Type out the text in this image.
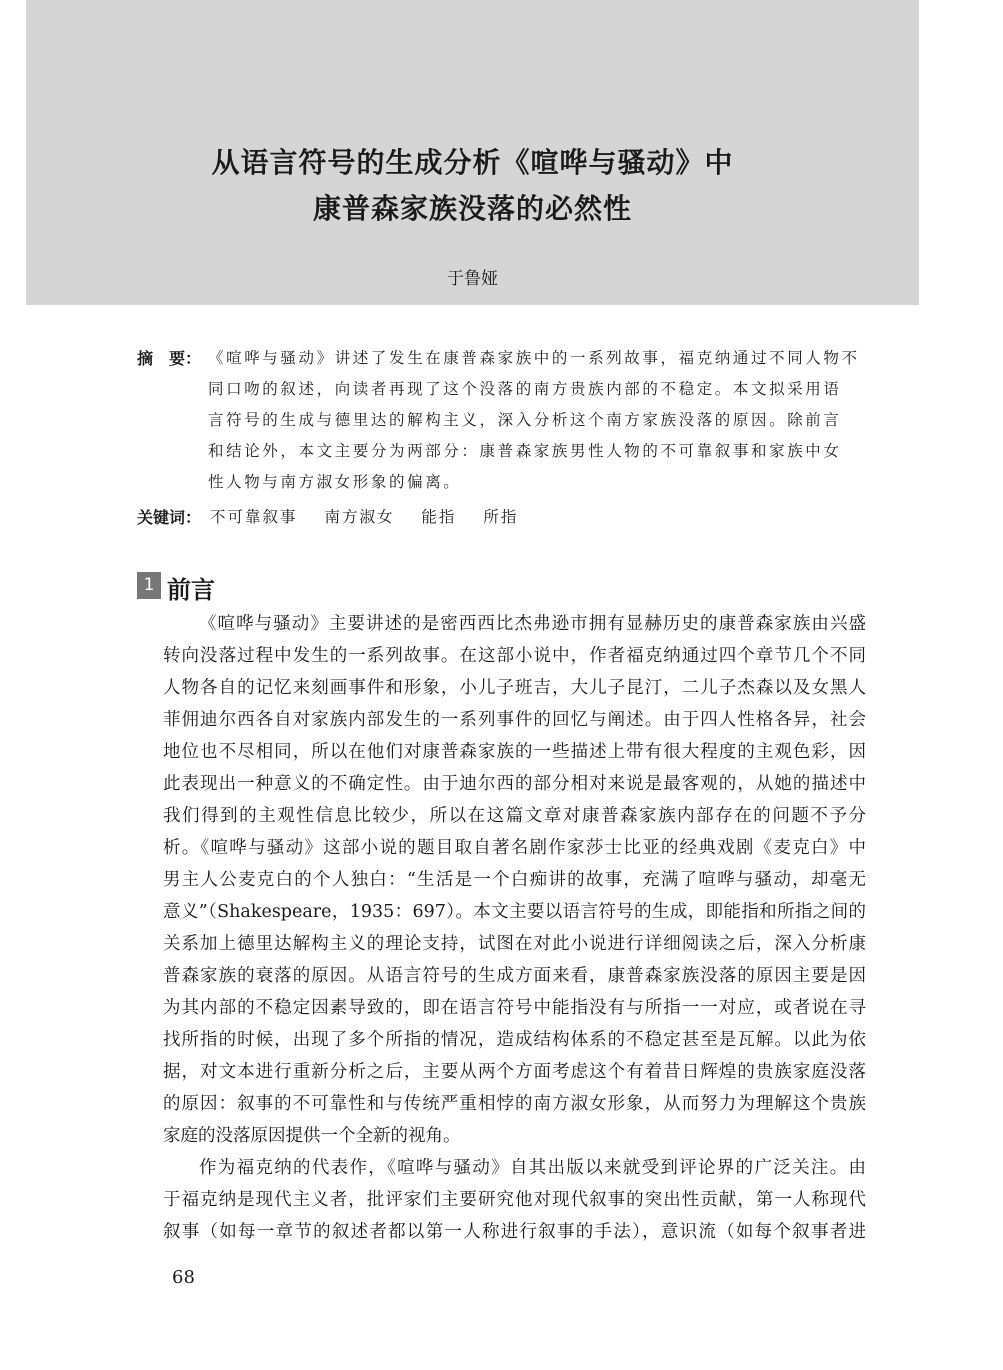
从语言符号的生成分析《喧哗与骚动》中
康普森家族没落的必然性
于鲁娅
摘　要： 《喧哗与骚动》讲述了发生在康普森家族中的一系列故事，福克纳通过不同人物不
同口吻的叙述，向读者再现了这个没落的南方贵族内部的不稳定。本文拟采用语
言符号的生成与德里达的解构主义，深入分析这个南方家族没落的原因。除前言
和结论外，本文主要分为两部分：康普森家族男性人物的不可靠叙事和家族中女
性人物与南方淑女形象的偏离。
关键词： 不可靠叙事 南方淑女 能指 所指
1 前言
《喧哗与骚动》主要讲述的是密西西比杰弗逊市拥有显赫历史的康普森家族由兴盛
转向没落过程中发生的一系列故事。在这部小说中，作者福克纳通过四个章节几个不同
人物各自的记忆来刻画事件和形象，小儿子班吉，大儿子昆汀，二儿子杰森以及女黑人
菲佣迪尔西各自对家族内部发生的一系列事件的回忆与阐述。由于四人性格各异，社会
地位也不尽相同，所以在他们对康普森家族的一些描述上带有很大程度的主观色彩，因
此表现出一种意义的不确定性。由于迪尔西的部分相对来说是最客观的，从她的描述中
我们得到的主观性信息比较少，所以在这篇文章对康普森家族内部存在的问题不予分
析。《喧哗与骚动》这部小说的题目取自著名剧作家莎士比亚的经典戏剧《麦克白》中
男主人公麦克白的个人独白：“生活是一个白痴讲的故事，充满了喧哗与骚动，却毫无
意义”（Shakespeare，1935：697）。本文主要以语言符号的生成，即能指和所指之间的
关系加上德里达解构主义的理论支持，试图在对此小说进行详细阅读之后，深入分析康
普森家族的衰落的原因。从语言符号的生成方面来看，康普森家族没落的原因主要是因
为其内部的不稳定因素导致的，即在语言符号中能指没有与所指一一对应，或者说在寻
找所指的时候，出现了多个所指的情况，造成结构体系的不稳定甚至是瓦解。以此为依
据，对文本进行重新分析之后，主要从两个方面考虑这个有着昔日辉煌的贵族家庭没落
的原因：叙事的不可靠性和与传统严重相悖的南方淑女形象，从而努力为理解这个贵族
家庭的没落原因提供一个全新的视角。
作为福克纳的代表作，《喧哗与骚动》自其出版以来就受到评论界的广泛关注。由
于福克纳是现代主义者，批评家们主要研究他对现代叙事的突出性贡献，第一人称现代
叙事（如每一章节的叙述者都以第一人称进行叙事的手法），意识流（如每个叙事者进
68
